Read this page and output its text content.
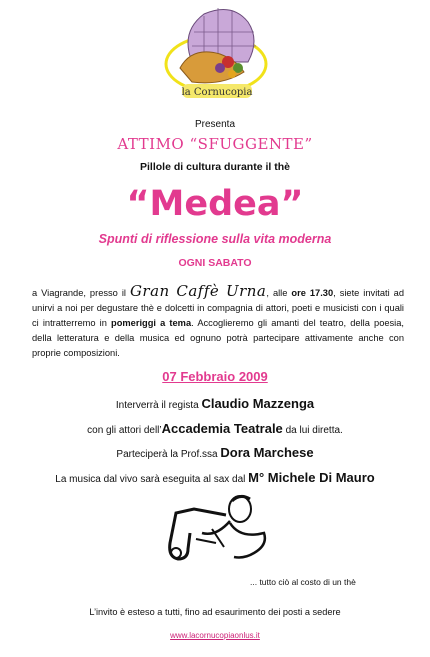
la Cornucopia
Presenta
ATTIMO “SFUGGENTE”
Pillole di cultura durante il thè
“Medea”
Spunti di riflessione sulla vita moderna
OGNI SABATO
a Viagrande, presso il Gran Caffè Urna, alle ore 17.30, siete invitati ad unirvi a noi per degustare thè e dolcetti in compagnia di attori, poeti e musicisti con i quali ci intratterremo in pomeriggi a tema. Accoglieremo gli amanti del teatro, della poesia, della letteratura e della musica ed ognuno potrà partecipare attivamente anche con proprie composizioni.
07 Febbraio 2009
Interverrà il regista Claudio Mazzenga
con gli attori dell’Accademia Teatrale da lui diretta.
Parteciperà la Prof.ssa Dora Marchese
La musica dal vivo sarà eseguita al sax dal M° Michele Di Mauro
... tutto ciò al costo di un thè
L’invito è esteso a tutti, fino ad esaurimento dei posti a sedere
www.lacornucopiaonlus.it
